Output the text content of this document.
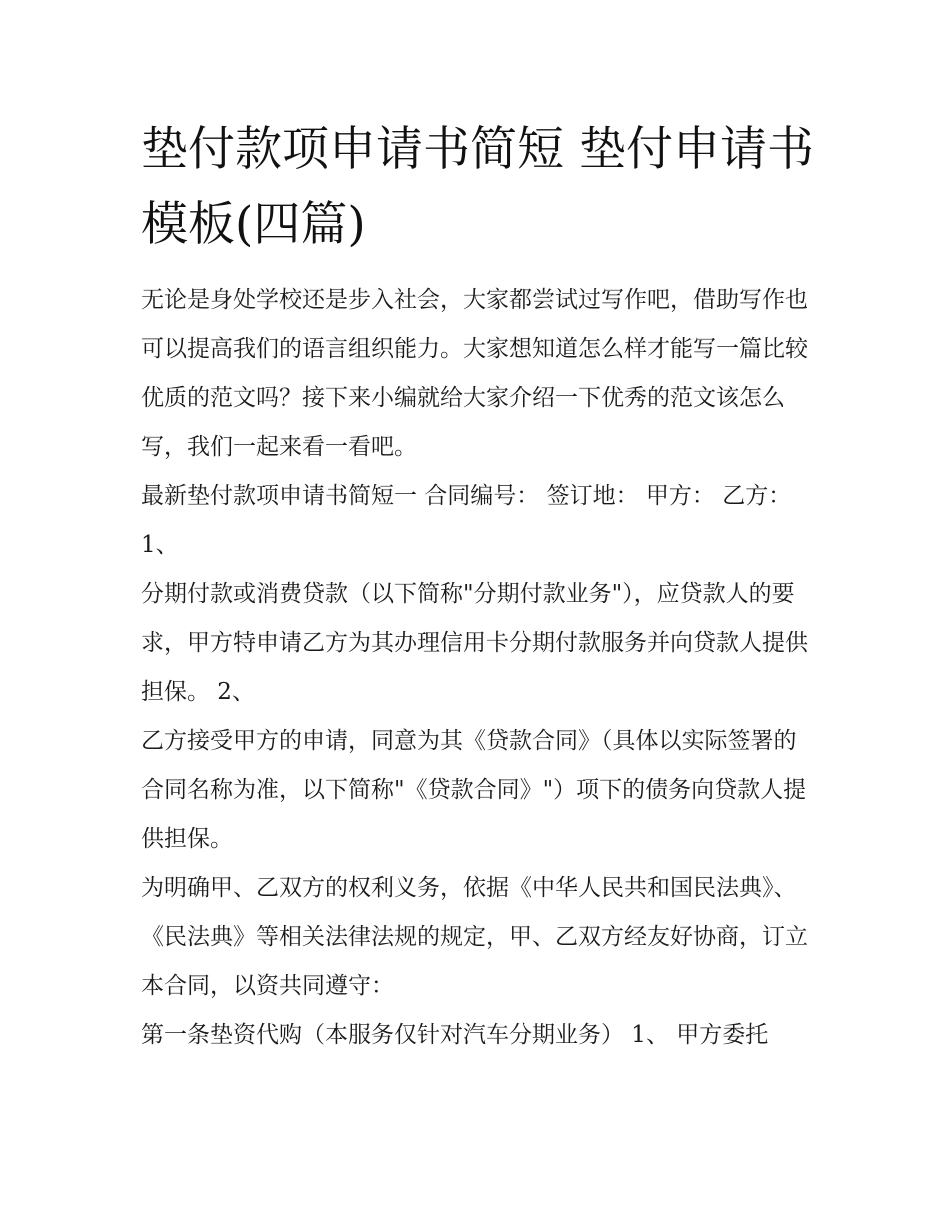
垫付款项申请书简短 垫付申请书模板(四篇)

无论是身处学校还是步入社会，大家都尝试过写作吧，借助写作也可以提高我们的语言组织能力。大家想知道怎么样才能写一篇比较优质的范文吗？接下来小编就给大家介绍一下优秀的范文该怎么写，我们一起来看一看吧。

最新垫付款项申请书简短一 合同编号： 签订地： 甲方： 乙方： 1、

分期付款或消费贷款（以下简称"分期付款业务"），应贷款人的要求，甲方特申请乙方为其办理信用卡分期付款服务并向贷款人提供担保。 2、

乙方接受甲方的申请，同意为其《贷款合同》（具体以实际签署的 合同名称为准，以下简称"《贷款合同》"）项下的债务向贷款人提供担保。

为明确甲、乙双方的权利义务，依据《中华人民共和国民法典》、《民法典》等相关法律法规的规定，甲、乙双方经友好协商，订立本合同，以资共同遵守：

第一条垫资代购（本服务仅针对汽车分期业务） 1、 甲方委托
